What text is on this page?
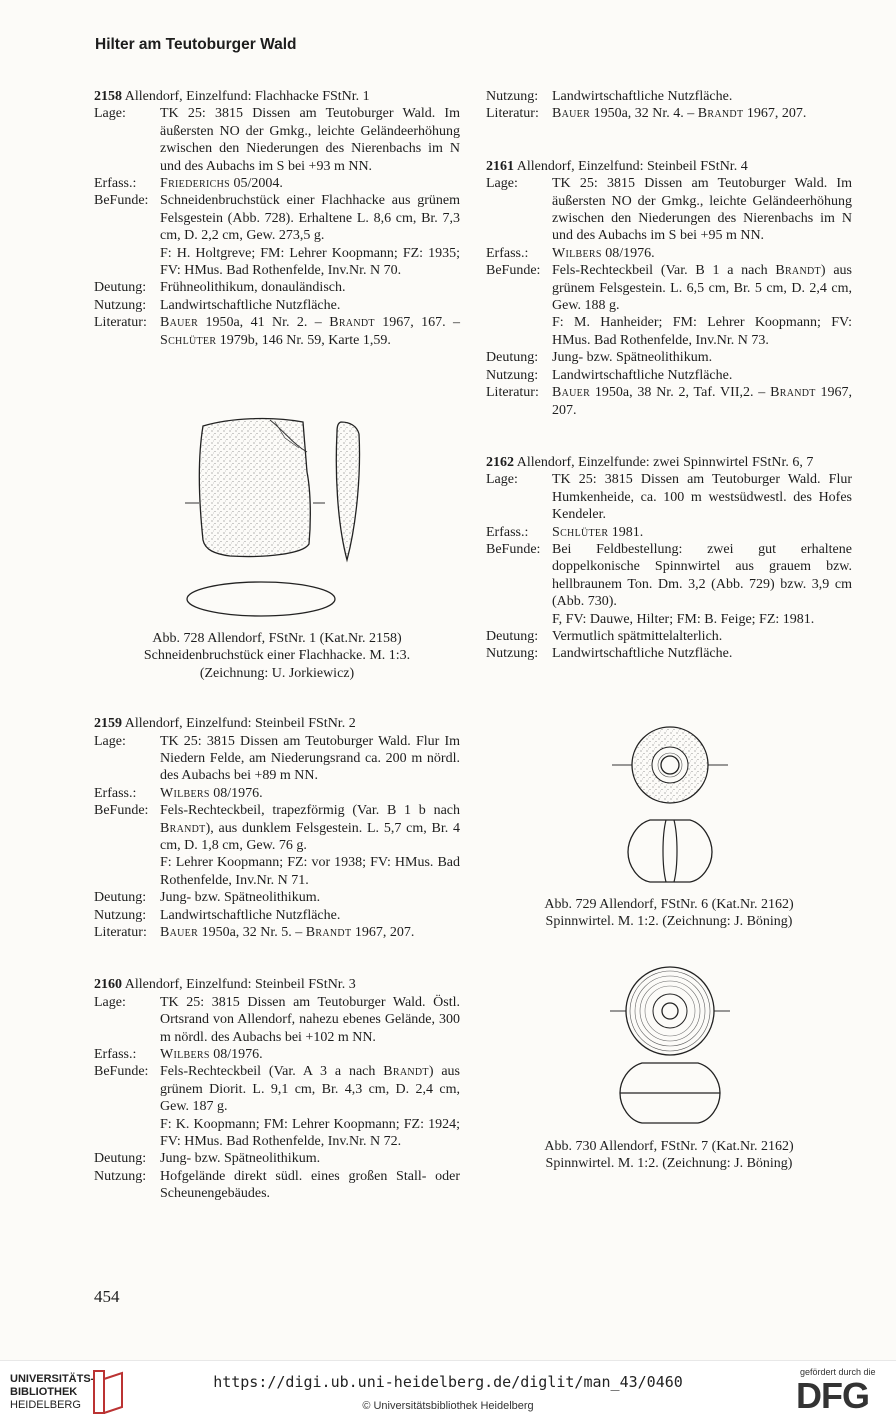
Hilter am Teutoburger Wald

2158 Allendorf, Einzelfund: Flachhacke FStNr. 1

Lage:	TK 25: 3815 Dissen am Teutoburger Wald. Im äußersten NO der Gmkg., leichte Geländeerhöhung zwischen den Niederungen des Nierenbachs im N und des Aubachs im S bei +93 m NN.
Erfass.:	Friederichs 05/2004.
BeFunde: Schneidenbruchstück einer Flachhacke aus grünem Felsgestein (Abb. 728). Erhaltene L. 8,6 cm, Br. 7,3 cm, D. 2,2 cm, Gew. 273,5 g.
F: H. Holtgreve; FM: Lehrer Koopmann; FZ: 1935; FV: HMus. Bad Rothenfelde, Inv.Nr. N 70.
Deutung: Frühneolithikum, donauländisch.
Nutzung: Landwirtschaftliche Nutzfläche.
Literatur: Bauer 1950a, 41 Nr. 2. – Brandt 1967, 167. – Schlüter 1979b, 146 Nr. 59, Karte 1,59.

2159 Allendorf, Einzelfund: Steinbeil FStNr. 2

Lage:	TK 25: 3815 Dissen am Teutoburger Wald. Flur Im Niedern Felde, am Niederungsrand ca. 200 m nördl. des Aubachs bei +89 m NN.
Erfass.:	Wilbers 08/1976.
BeFunde: Fels-Rechteckbeil, trapezförmig (Var. B 1 b nach Brandt), aus dunklem Felsgestein. L. 5,7 cm, Br. 4 cm, D. 1,8 cm, Gew. 76 g.
F: Lehrer Koopmann; FZ: vor 1938; FV: HMus. Bad Rothenfelde, Inv.Nr. N 71.
Deutung: Jung- bzw. Spätneolithikum.
Nutzung: Landwirtschaftliche Nutzfläche.
Literatur: Bauer 1950a, 32 Nr. 5. – Brandt 1967, 207.

2160 Allendorf, Einzelfund: Steinbeil FStNr. 3

Lage:	TK 25: 3815 Dissen am Teutoburger Wald. Östl. Ortsrand von Allendorf, nahezu ebenes Gelände, 300 m nördl. des Aubachs bei +102 m NN.
Erfass.:	Wilbers 08/1976.
BeFunde: Fels-Rechteckbeil (Var. A 3 a nach Brandt) aus grünem Diorit. L. 9,1 cm, Br. 4,3 cm, D. 2,4 cm, Gew. 187 g.
F: K. Koopmann; FM: Lehrer Koopmann; FZ: 1924; FV: HMus. Bad Rothenfelde, Inv.Nr. N 72.
Deutung: Jung- bzw. Spätneolithikum.
Nutzung: Hofgelände direkt südl. eines großen Stall- oder Scheunengebäudes.
Nutzung: Landwirtschaftliche Nutzfläche.
Literatur: Bauer 1950a, 32 Nr. 4. – Brandt 1967, 207.

2161 Allendorf, Einzelfund: Steinbeil FStNr. 4

Lage:	TK 25: 3815 Dissen am Teutoburger Wald. Im äußersten NO der Gmkg., leichte Geländeerhöhung zwischen den Niederungen des Nierenbachs im N und des Aubachs im S bei +95 m NN.
Erfass.:	Wilbers 08/1976.
BeFunde: Fels-Rechteckbeil (Var. B 1 a nach Brandt) aus grünem Felsgestein. L. 6,5 cm, Br. 5 cm, D. 2,4 cm, Gew. 188 g.
F: M. Hanheider; FM: Lehrer Koopmann; FV: HMus. Bad Rothenfelde, Inv.Nr. N 73.
Deutung: Jung- bzw. Spätneolithikum.
Nutzung: Landwirtschaftliche Nutzfläche.
Literatur: Bauer 1950a, 38 Nr. 2, Taf. VII,2. – Brandt 1967, 207.

2162 Allendorf, Einzelfunde: zwei Spinnwirtel FStNr. 6, 7

Lage:	TK 25: 3815 Dissen am Teutoburger Wald. Flur Humkenheide, ca. 100 m westsüdwestl. des Hofes Kendeler.
Erfass.:	Schlüter 1981.
BeFunde: Bei Feldbestellung: zwei gut erhaltene doppelkonische Spinnwirtel aus grauem bzw. hellbraunem Ton. Dm. 3,2 (Abb. 729) bzw. 3,9 cm (Abb. 730).
F, FV: Dauwe, Hilter; FM: B. Feige; FZ: 1981.
Deutung: Vermutlich spätmittelalterlich.
Nutzung: Landwirtschaftliche Nutzfläche.
Abb. 728 Allendorf, FStNr. 1 (Kat.Nr. 2158)
Schneidenbruchstück einer Flachhacke. M. 1:3.
(Zeichnung: U. Jorkiewicz)
Abb. 729 Allendorf, FStNr. 6 (Kat.Nr. 2162)
Spinnwirtel. M. 1:2. (Zeichnung: J. Böning)
Abb. 730 Allendorf, FStNr. 7 (Kat.Nr. 2162)
Spinnwirtel. M. 1:2. (Zeichnung: J. Böning)
454
UNIVERSITÄTS-
BIBLIOTHEK
HEIDELBERG
https://digi.ub.uni-heidelberg.de/diglit/man_43/0460
© Universitätsbibliothek Heidelberg
gefördert durch die
DFG
